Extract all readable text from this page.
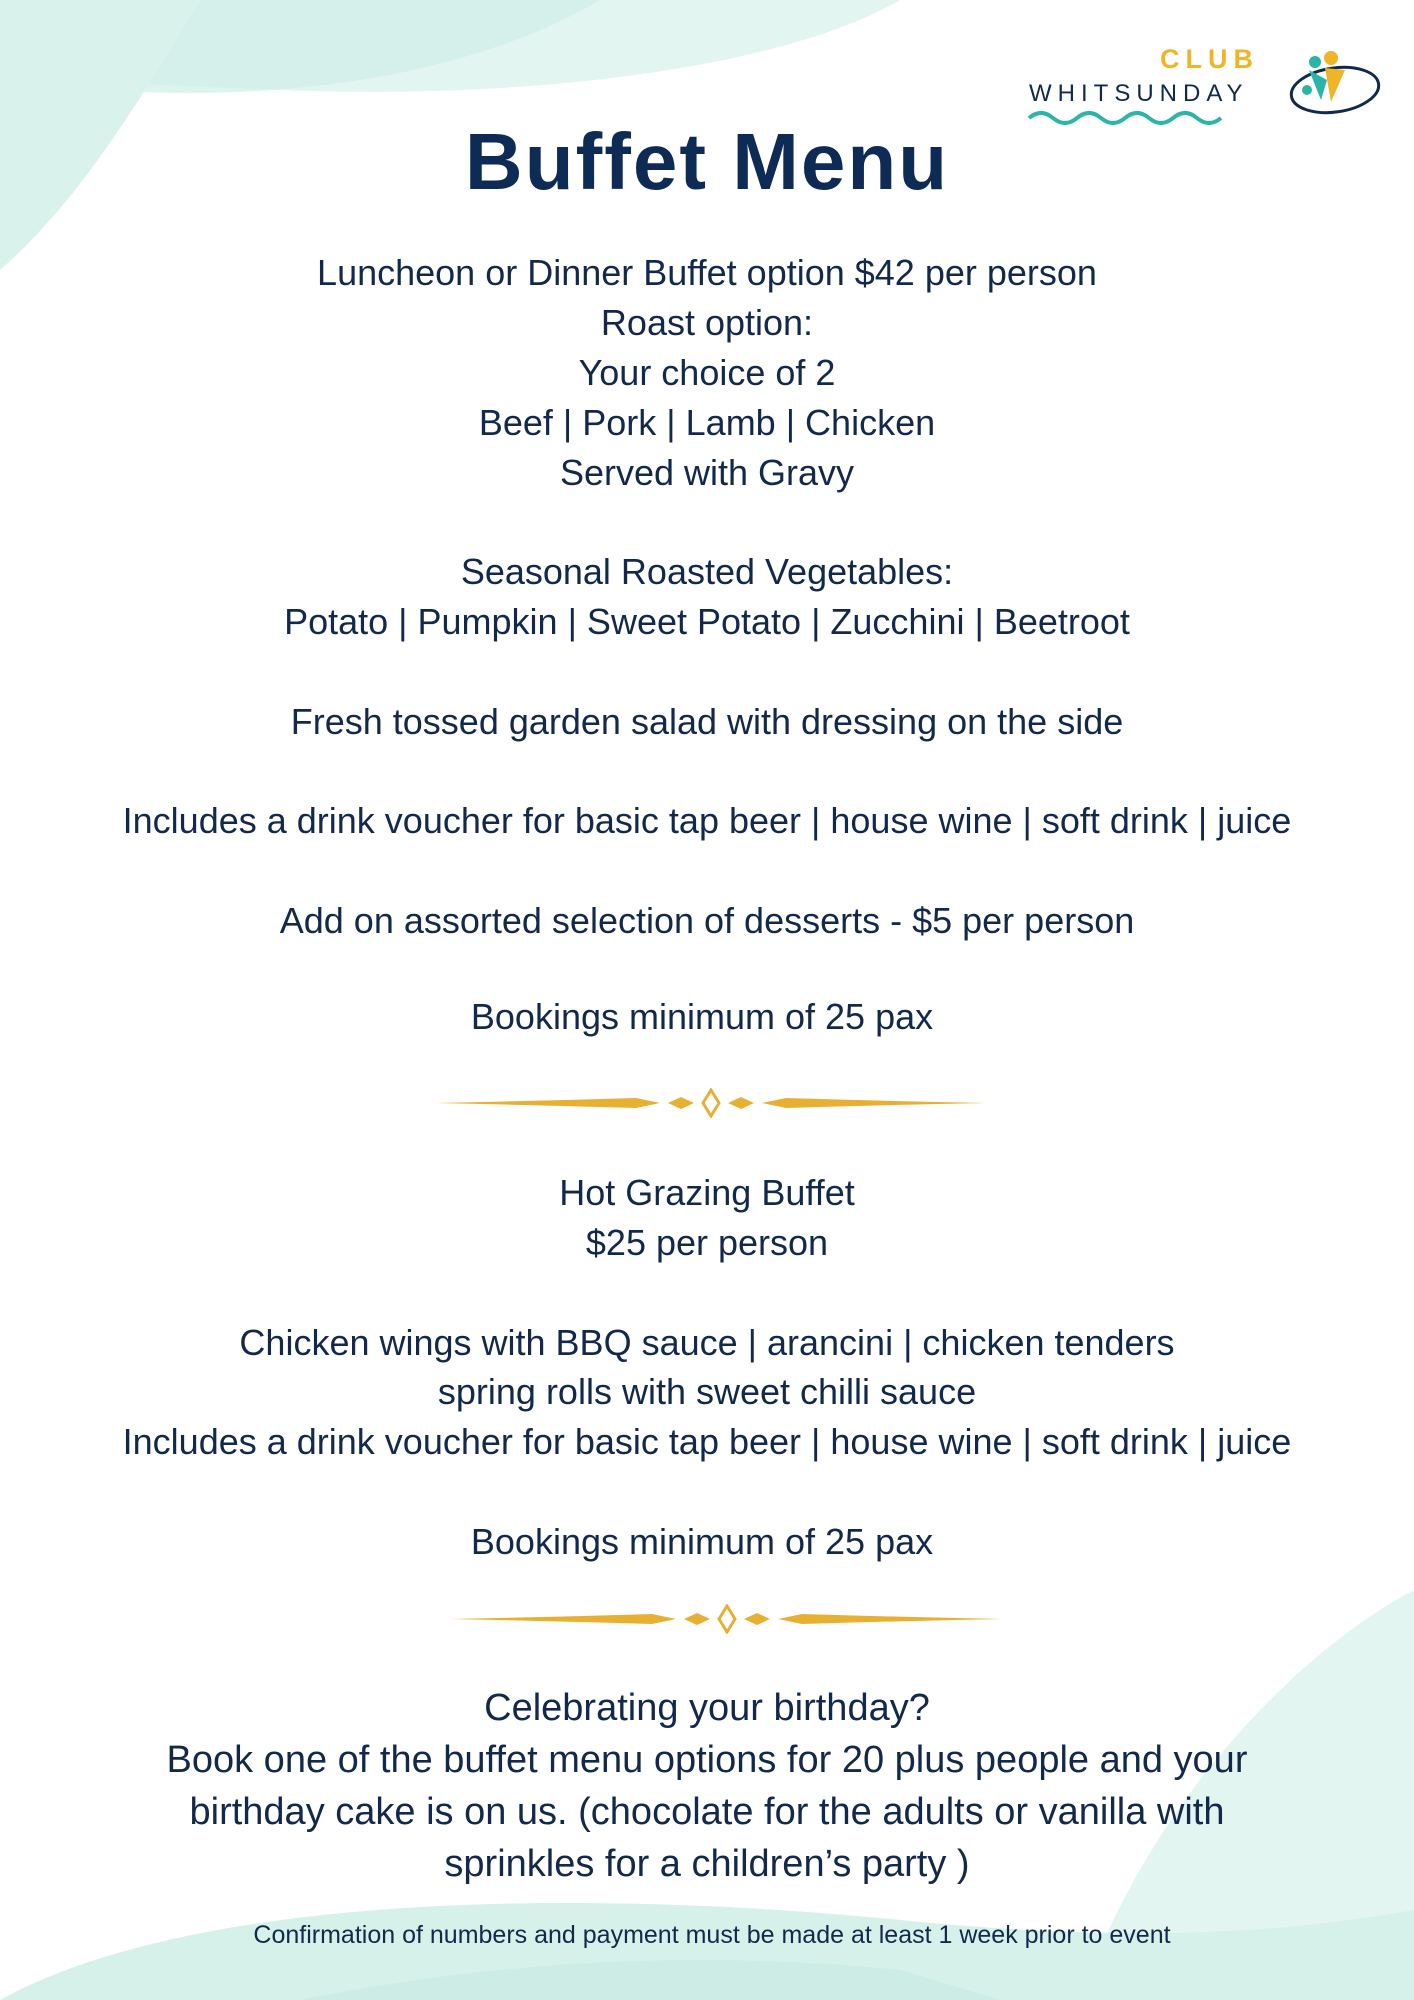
CLUB
WHITSUNDAY
Buffet Menu
Luncheon or Dinner Buffet option $42 per person
Roast option:
Your choice of 2
Beef | Pork | Lamb | Chicken
Served with Gravy
Seasonal Roasted Vegetables:
Potato | Pumpkin | Sweet Potato | Zucchini | Beetroot
Fresh tossed garden salad with dressing on the side
Includes a drink voucher for basic tap beer | house wine | soft drink | juice
Add on assorted selection of desserts - $5 per person
Bookings minimum of 25 pax
Hot Grazing Buffet
$25 per person
Chicken wings with BBQ sauce | arancini | chicken tenders
spring rolls with sweet chilli sauce
Includes a drink voucher for basic tap beer | house wine | soft drink | juice
Bookings minimum of 25 pax
Celebrating your birthday?
Book one of the buffet menu options for 20 plus people and your
birthday cake is on us. (chocolate for the adults or vanilla with
sprinkles for a children’s party )
Confirmation of numbers and payment must be made at least 1 week prior to event
